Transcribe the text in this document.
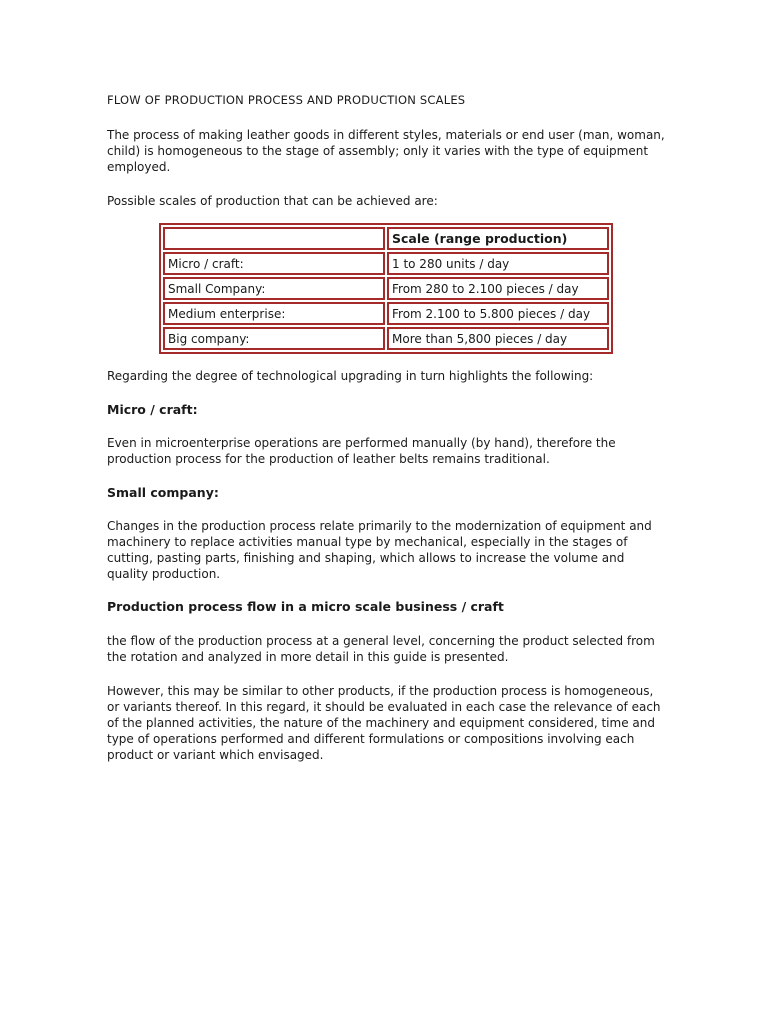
FLOW OF PRODUCTION PROCESS AND PRODUCTION SCALES

The process of making leather goods in different styles, materials or end user (man, woman, child) is homogeneous to the stage of assembly; only it varies with the type of equipment employed.

Possible scales of production that can be achieved are:

	Scale (range production)
Micro / craft:	1 to 280 units / day
Small Company:	From 280 to 2.100 pieces / day
Medium enterprise:	From 2.100 to 5.800 pieces / day
Big company:	More than 5,800 pieces / day

Regarding the degree of technological upgrading in turn highlights the following:

Micro / craft:

Even in microenterprise operations are performed manually (by hand), therefore the production process for the production of leather belts remains traditional.

Small company:

Changes in the production process relate primarily to the modernization of equipment and machinery to replace activities manual type by mechanical, especially in the stages of cutting, pasting parts, finishing and shaping, which allows to increase the volume and quality production.

Production process flow in a micro scale business / craft

the flow of the production process at a general level, concerning the product selected from the rotation and analyzed in more detail in this guide is presented.

However, this may be similar to other products, if the production process is homogeneous, or variants thereof. In this regard, it should be evaluated in each case the relevance of each of the planned activities, the nature of the machinery and equipment considered, time and type of operations performed and different formulations or compositions involving each product or variant which envisaged.
